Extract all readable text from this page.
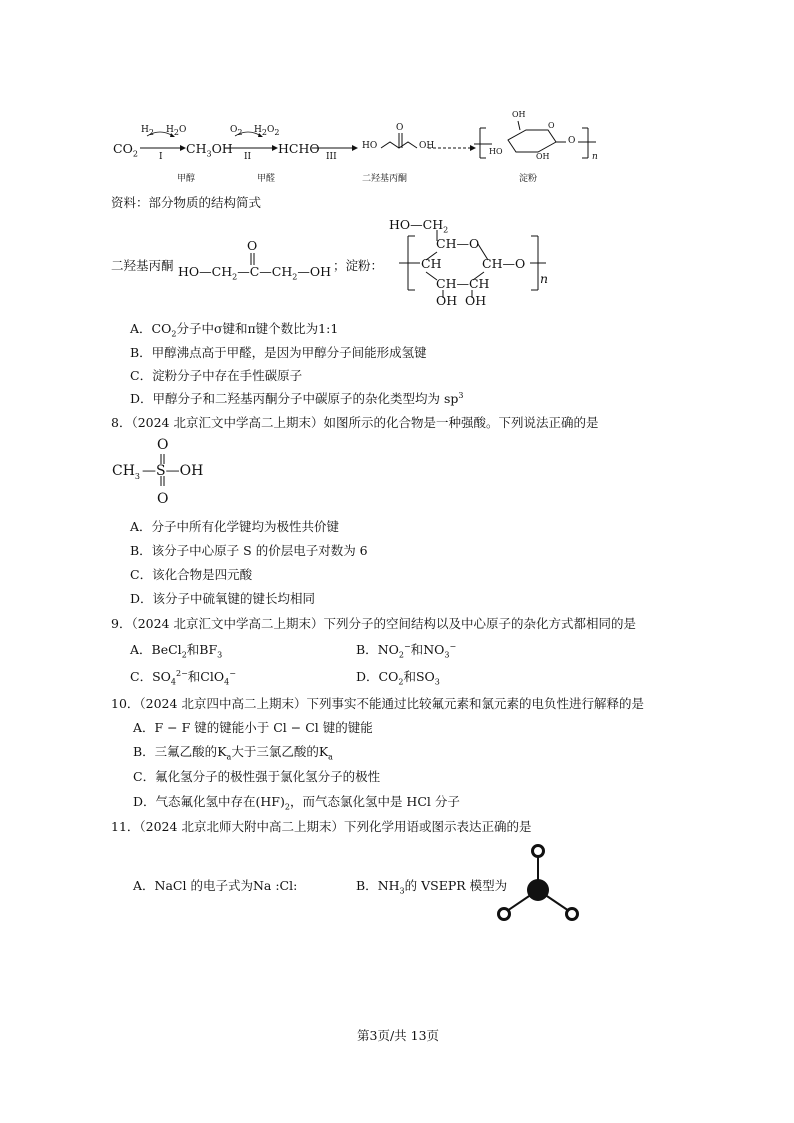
$CO_2$
$H_2$ $H_2O$
I
$CH_3OH$
$O_2$ $H_2O_2$
II
HCHO
III
HO
O
OH
OH
O
HO
OH
O
n
甲醇	甲醛	二羟基丙酮	淀粉
资料：部分物质的结构简式
二羟基丙酮
O
$HO—CH_2—C—CH_2—OH$ ；淀粉：
$HO—CH_2$
CH—O
CH	CH—O
CH—CH
OH OH
n
A．$CO_2$分子中σ键和π键个数比为1:1
B．甲醇沸点高于甲醛，是因为甲醇分子间能形成氢键
C．淀粉分子中存在手性碳原子
D．甲醇分子和二羟基丙酮分子中碳原子的杂化类型均为 $sp^3$
8．（2024 北京汇文中学高二上期末）如图所示的化合物是一种强酸。下列说法正确的是
O
$CH_3$ —S—OH
O
A．分子中所有化学键均为极性共价键
B．该分子中心原子 S 的价层电子对数为 6
C．该化合物是四元酸
D．该分子中硫氧键的键长均相同
9．（2024 北京汇文中学高二上期末）下列分子的空间结构以及中心原子的杂化方式都相同的是
A．BeCl$_2$和$BF_3$	B．$NO_2^-$和$NO_3^-$
C．$SO_4^{2-}$和ClO$_4$−	D．$CO_2$和$SO_3$
10．（2024 北京四中高二上期末）下列事实不能通过比较氟元素和氯元素的电负性进行解释的是
A．F − F 键的键能小于 Cl − Cl 键的键能
B．三氟乙酸的$K_a$大于三氯乙酸的$K_a$
C．氟化氢分子的极性强于氯化氢分子的极性
D．气态氟化氢中存在$(HF)_2$，而气态氯化氢中是 HCl 分子
11．（2024 北京北师大附中高二上期末）下列化学用语或图示表达正确的是
A．NaCl 的电子式为Na :Cl:	B．$NH_3$的 VSEPR 模型为
第3页/共 13页
